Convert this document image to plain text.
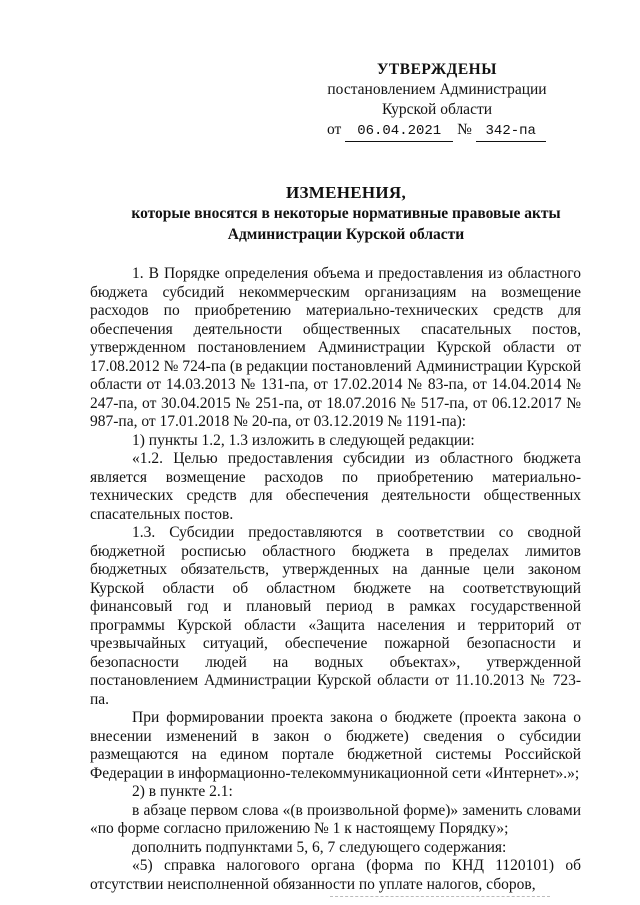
УТВЕРЖДЕНЫ
постановлением Администрации
Курской области
от 06.04.2021 № 342-па
ИЗМЕНЕНИЯ,
которые вносятся в некоторые нормативные правовые акты
Администрации Курской области

1. В Порядке определения объема и предоставления из областного бюджета субсидий некоммерческим организациям на возмещение расходов по приобретению материально-технических средств для обеспечения деятельности общественных спасательных постов, утвержденном постановлением Администрации Курской области от 17.08.2012 № 724-па (в редакции постановлений Администрации Курской области от 14.03.2013 № 131-па, от 17.02.2014 № 83-па, от 14.04.2014 № 247-па, от 30.04.2015 № 251-па, от 18.07.2016 № 517-па, от 06.12.2017 № 987-па, от 17.01.2018 № 20-па, от 03.12.2019 № 1191-па):

1) пункты 1.2, 1.3 изложить в следующей редакции:

«1.2. Целью предоставления субсидии из областного бюджета является возмещение расходов по приобретению материально-технических средств для обеспечения деятельности общественных спасательных постов.

1.3. Субсидии предоставляются в соответствии со сводной бюджетной росписью областного бюджета в пределах лимитов бюджетных обязательств, утвержденных на данные цели законом Курской области об областном бюджете на соответствующий финансовый год и плановый период в рамках государственной программы Курской области «Защита населения и территорий от чрезвычайных ситуаций, обеспечение пожарной безопасности и безопасности людей на водных объектах», утвержденной постановлением Администрации Курской области от 11.10.2013 № 723-па.

При формировании проекта закона о бюджете (проекта закона о внесении изменений в закон о бюджете) сведения о субсидии размещаются на едином портале бюджетной системы Российской Федерации в информационно-телекоммуникационной сети «Интернет».»;

2) в пункте 2.1:

в абзаце первом слова «(в произвольной форме)» заменить словами «по форме согласно приложению № 1 к настоящему Порядку»;

дополнить подпунктами 5, 6, 7 следующего содержания:

«5) справка налогового органа (форма по КНД 1120101) об отсутствии неисполненной обязанности по уплате налогов, сборов,
